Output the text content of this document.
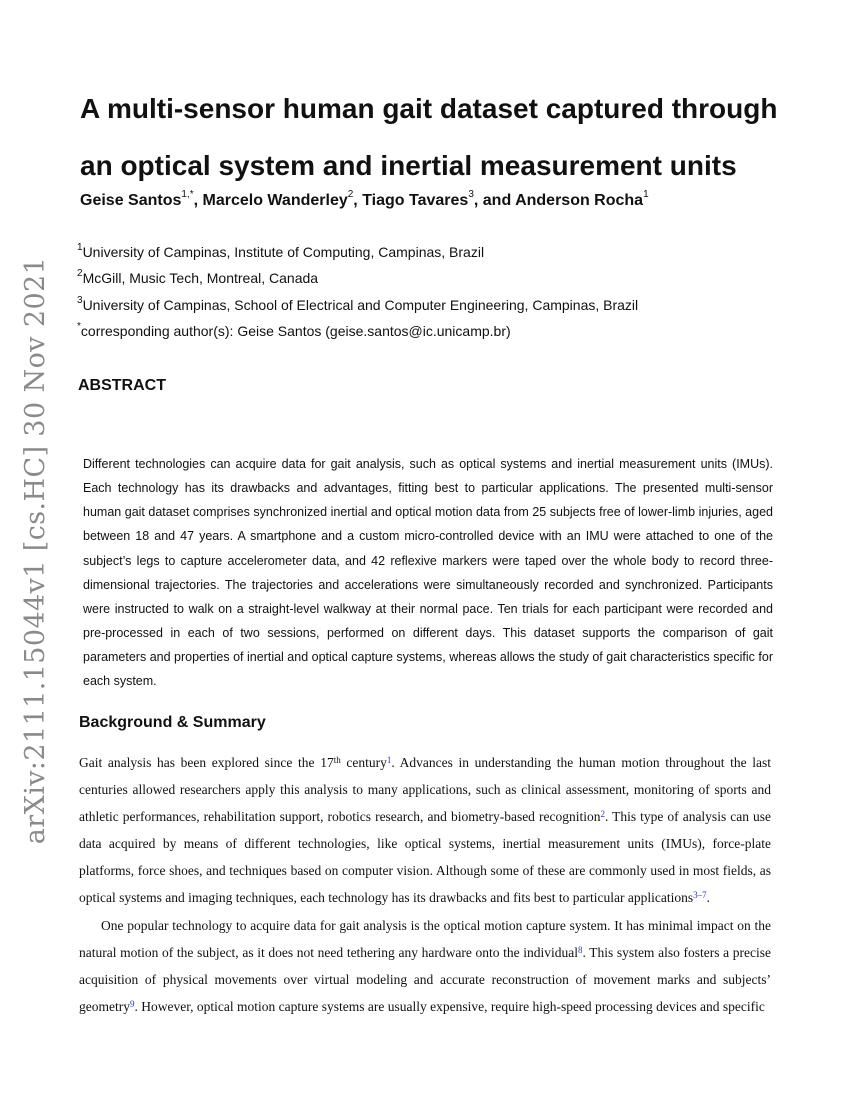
arXiv:2111.15044v1 [cs.HC] 30 Nov 2021
A multi-sensor human gait dataset captured through an optical system and inertial measurement units
Geise Santos$^{1,*}$, Marcelo Wanderley$^2$, Tiago Tavares$^3$, and Anderson Rocha$^1$
$^1$University of Campinas, Institute of Computing, Campinas, Brazil
$^2$McGill, Music Tech, Montreal, Canada
$^3$University of Campinas, School of Electrical and Computer Engineering, Campinas, Brazil
*corresponding author(s): Geise Santos (geise.santos@ic.unicamp.br)
ABSTRACT

Different technologies can acquire data for gait analysis, such as optical systems and inertial measurement units (IMUs). Each technology has its drawbacks and advantages, fitting best to particular applications. The presented multi-sensor human gait dataset comprises synchronized inertial and optical motion data from 25 subjects free of lower-limb injuries, aged between 18 and 47 years. A smartphone and a custom micro-controlled device with an IMU were attached to one of the subject’s legs to capture accelerometer data, and 42 reflexive markers were taped over the whole body to record three-dimensional trajectories. The trajectories and accelerations were simultaneously recorded and synchronized. Participants were instructed to walk on a straight-level walkway at their normal pace. Ten trials for each participant were recorded and pre-processed in each of two sessions, performed on different days. This dataset supports the comparison of gait parameters and properties of inertial and optical capture systems, whereas allows the study of gait characteristics specific for each system.

Background & Summary

Gait analysis has been explored since the 17th century$^1$. Advances in understanding the human motion throughout the last centuries allowed researchers apply this analysis to many applications, such as clinical assessment, monitoring of sports and athletic performances, rehabilitation support, robotics research, and biometry-based recognition$^2$. This type of analysis can use data acquired by means of different technologies, like optical systems, inertial measurement units (IMUs), force-plate platforms, force shoes, and techniques based on computer vision. Although some of these are commonly used in most fields, as optical systems and imaging techniques, each technology has its drawbacks and fits best to particular applications$^{3-7}$.

One popular technology to acquire data for gait analysis is the optical motion capture system. It has minimal impact on the natural motion of the subject, as it does not need tethering any hardware onto the individual$^8$. This system also fosters a precise acquisition of physical movements over virtual modeling and accurate reconstruction of movement marks and subjects’ geometry$^9$. However, optical motion capture systems are usually expensive, require high-speed processing devices and specific
